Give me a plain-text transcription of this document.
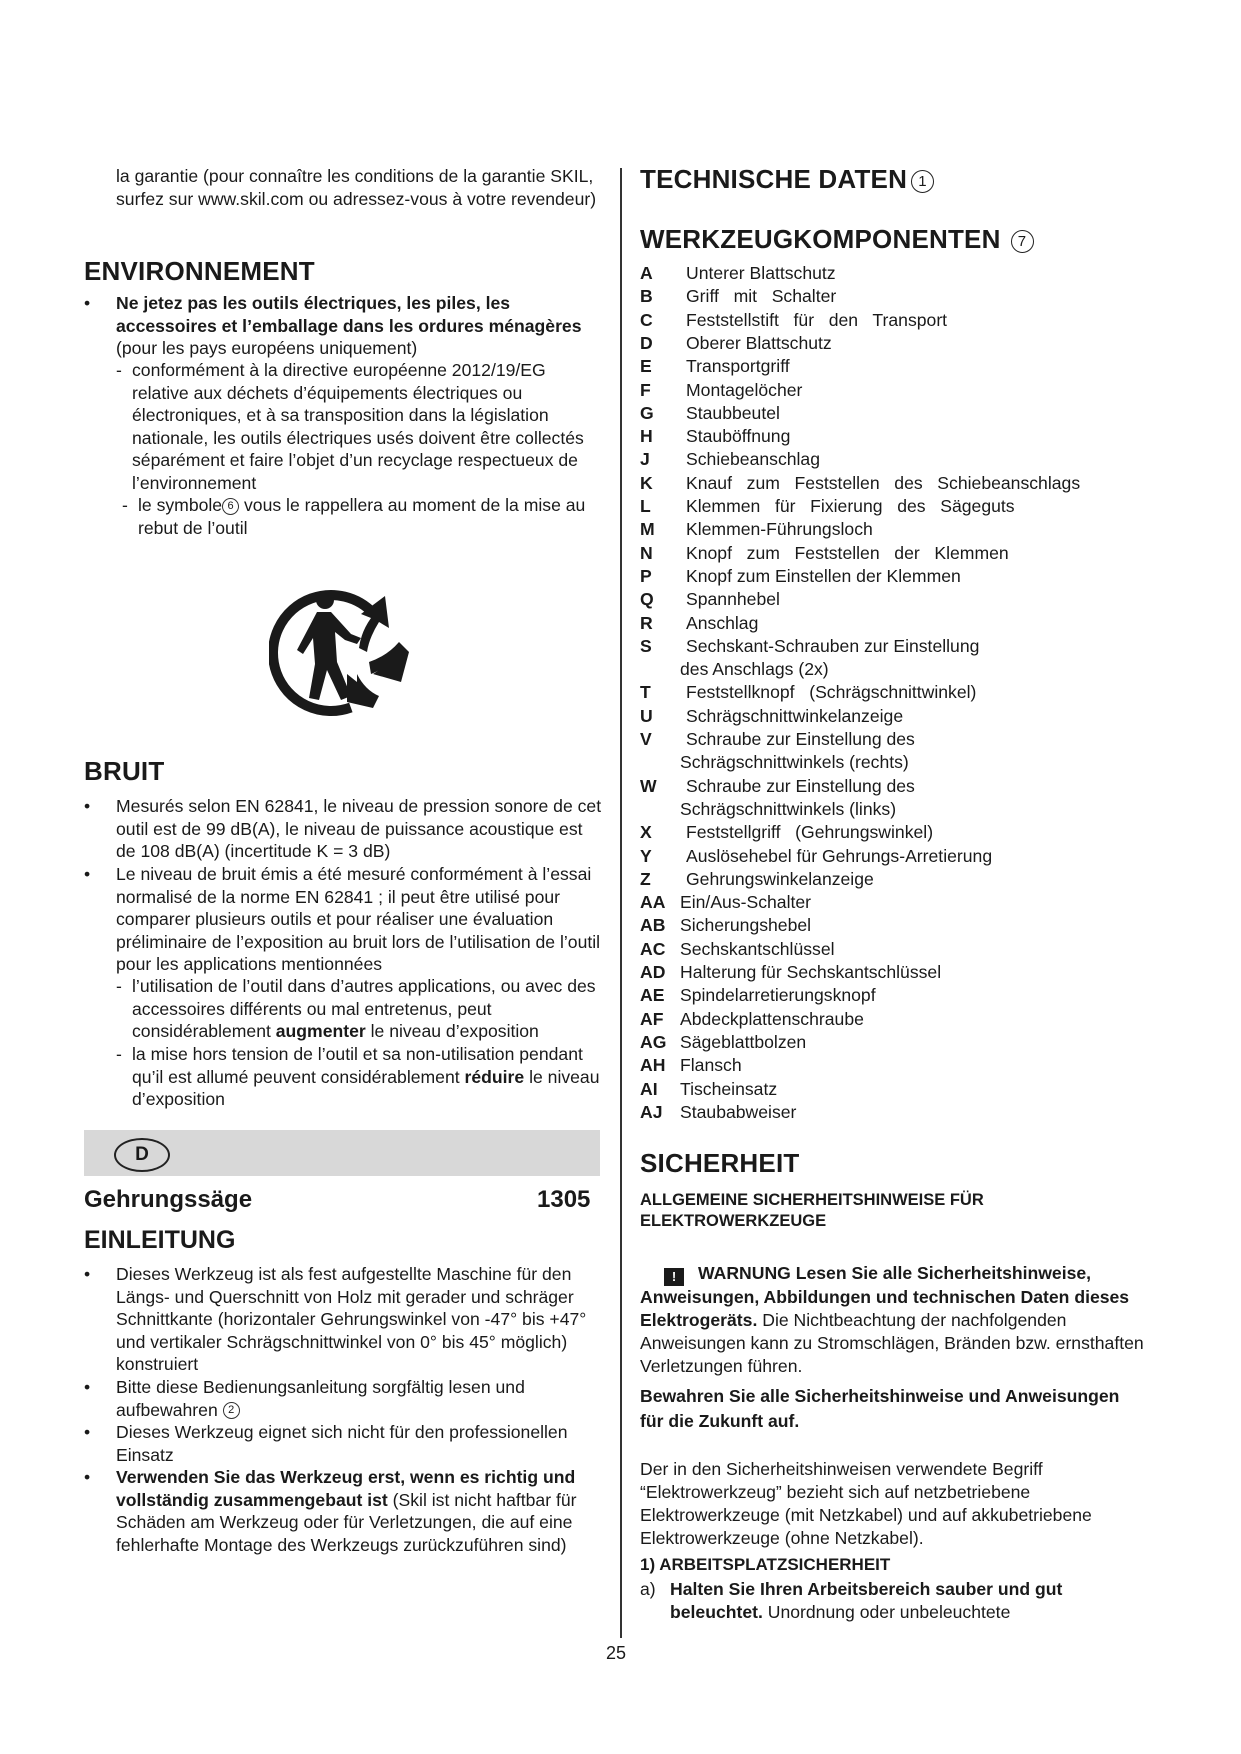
la garantie (pour connaître les conditions de la garantie SKIL, surfez sur www.skil.com ou adressez-vous à votre revendeur)

ENVIRONNEMENT
• Ne jetez pas les outils électriques, les piles, les accessoires et l’emballage dans les ordures ménagères (pour les pays européens uniquement)
- conformément à la directive européenne 2012/19/EG relative aux déchets d’équipements électriques ou électroniques, et à sa transposition dans la législation nationale, les outils électriques usés doivent être collectés séparément et faire l’objet d’un recyclage respectueux de l’environnement
- le symbole 6 vous le rappellera au moment de la mise au rebut de l’outil
BRUIT
• Mesurés selon EN 62841, le niveau de pression sonore de cet outil est de 99 dB(A), le niveau de puissance acoustique est de 108 dB(A) (incertitude K = 3 dB)

• Le niveau de bruit émis a été mesuré conformément à l’essai normalisé de la norme EN 62841 ; il peut être utilisé pour comparer plusieurs outils et pour réaliser une évaluation préliminaire de l’exposition au bruit lors de l’utilisation de l’outil pour les applications mentionnées

- l’utilisation de l’outil dans d’autres applications, ou avec des accessoires différents ou mal entretenus, peut considérablement augmenter le niveau d’exposition
- la mise hors tension de l’outil et sa non-utilisation pendant qu’il est allumé peuvent considérablement réduire le niveau d’exposition
D
Gehrungssäge	1305
EINLEITUNG
• Dieses Werkzeug ist als fest aufgestellte Maschine für den Längs- und Querschnitt von Holz mit gerader und schräger Schnittkante (horizontaler Gehrungswinkel von -47° bis +47° und vertikaler Schrägschnittwinkel von 0° bis 45° möglich) konstruiert

• Bitte diese Bedienungsanleitung sorgfältig lesen und aufbewahren 2
• Dieses Werkzeug eignet sich nicht für den professionellen Einsatz

• Verwenden Sie das Werkzeug erst, wenn es richtig und vollständig zusammengebaut ist (Skil ist nicht haftbar für Schäden am Werkzeug oder für Verletzungen, die auf eine fehlerhafte Montage des Werkzeugs zurückzuführen sind)
TECHNISCHE DATEN 1
WERKZEUGKOMPONENTEN 7
A Unterer Blattschutz
B Griff   mit   Schalter
C Feststellstift   für   den   Transport
D Oberer Blattschutz
E Transportgriff
F Montagelöcher
G Staubbeutel
H Stauböffnung
J Schiebeanschlag
K Knauf   zum   Feststellen   des   Schiebeanschlags
L Klemmen   für   Fixierung   des   Sägeguts
M Klemmen-Führungsloch
N Knopf   zum   Feststellen   der   Klemmen
P Knopf zum Einstellen der Klemmen
Q Spannhebel
R Anschlag
S Sechskant-Schrauben zur Einstellung
des Anschlags (2x)
T Feststellknopf   (Schrägschnittwinkel)
U Schrägschnittwinkelanzeige
V Schraube zur Einstellung des
Schrägschnittwinkels (rechts)
W Schraube zur Einstellung des
Schrägschnittwinkels (links)
X Feststellgriff   (Gehrungswinkel)
Y Auslösehebel für Gehrungs-Arretierung
Z Gehrungswinkelanzeige
AA Ein/Aus-Schalter
AB Sicherungshebel
AC Sechskantschlüssel
AD Halterung für Sechskantschlüssel
AE Spindelarretierungsknopf
AF Abdeckplattenschraube
AG Sägeblattbolzen
AH Flansch
AI Tischeinsatz
AJ Staubabweiser
SICHERHEIT
ALLGEMEINE SICHERHEITSHINWEISE FÜR ELEKTROWERKZEUGE
! WARNUNG Lesen Sie alle Sicherheitshinweise, Anweisungen, Abbildungen und technischen Daten dieses Elektrogeräts. Die Nichtbeachtung der nachfolgenden Anweisungen kann zu Stromschlägen, Bränden bzw. ernsthaften Verletzungen führen.
Bewahren Sie alle Sicherheitshinweise und Anweisungen für die Zukunft auf.

Der in den Sicherheitshinweisen verwendete Begriff “Elektrowerkzeug” bezieht sich auf netzbetriebene Elektrowerkzeuge (mit Netzkabel) und auf akkubetriebene Elektrowerkzeuge (ohne Netzkabel).

1) ARBEITSPLATZSICHERHEIT
a) Halten Sie Ihren Arbeitsbereich sauber und gut beleuchtet. Unordnung oder unbeleuchtete
25
